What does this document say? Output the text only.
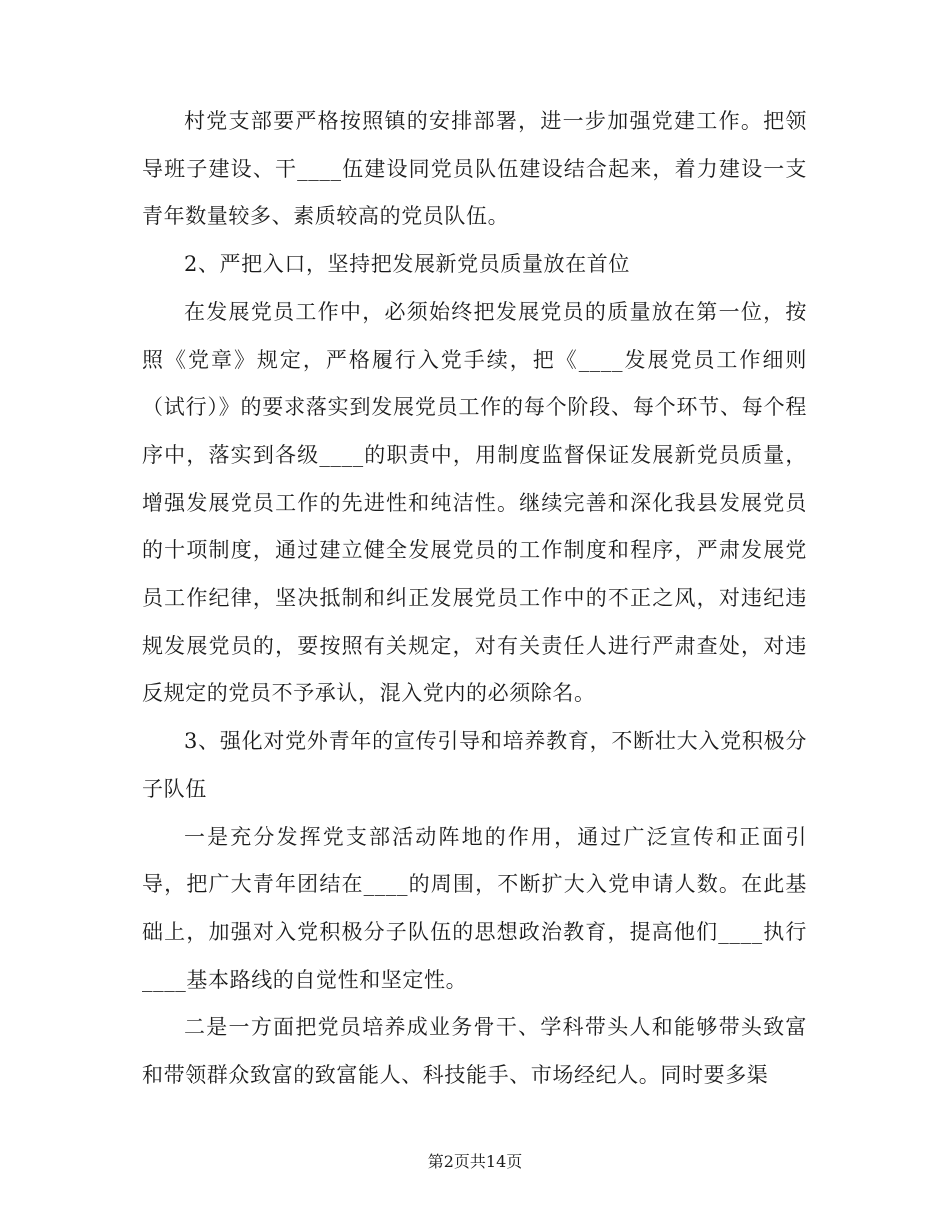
村党支部要严格按照镇的安排部署，进一步加强党建工作。把领导班子建设、干____伍建设同党员队伍建设结合起来，着力建设一支青年数量较多、素质较高的党员队伍。

2、严把入口，坚持把发展新党员质量放在首位

在发展党员工作中，必须始终把发展党员的质量放在第一位，按照《党章》规定，严格履行入党手续，把《____发展党员工作细则（试行）》的要求落实到发展党员工作的每个阶段、每个环节、每个程序中，落实到各级____的职责中，用制度监督保证发展新党员质量，增强发展党员工作的先进性和纯洁性。继续完善和深化我县发展党员的十项制度，通过建立健全发展党员的工作制度和程序，严肃发展党员工作纪律，坚决抵制和纠正发展党员工作中的不正之风，对违纪违规发展党员的，要按照有关规定，对有关责任人进行严肃查处，对违反规定的党员不予承认，混入党内的必须除名。

3、强化对党外青年的宣传引导和培养教育，不断壮大入党积极分子队伍

一是充分发挥党支部活动阵地的作用，通过广泛宣传和正面引导，把广大青年团结在____的周围，不断扩大入党申请人数。在此基础上，加强对入党积极分子队伍的思想政治教育，提高他们____执行____基本路线的自觉性和坚定性。

二是一方面把党员培养成业务骨干、学科带头人和能够带头致富和带领群众致富的致富能人、科技能手、市场经纪人。同时要多渠

第2页共14页
